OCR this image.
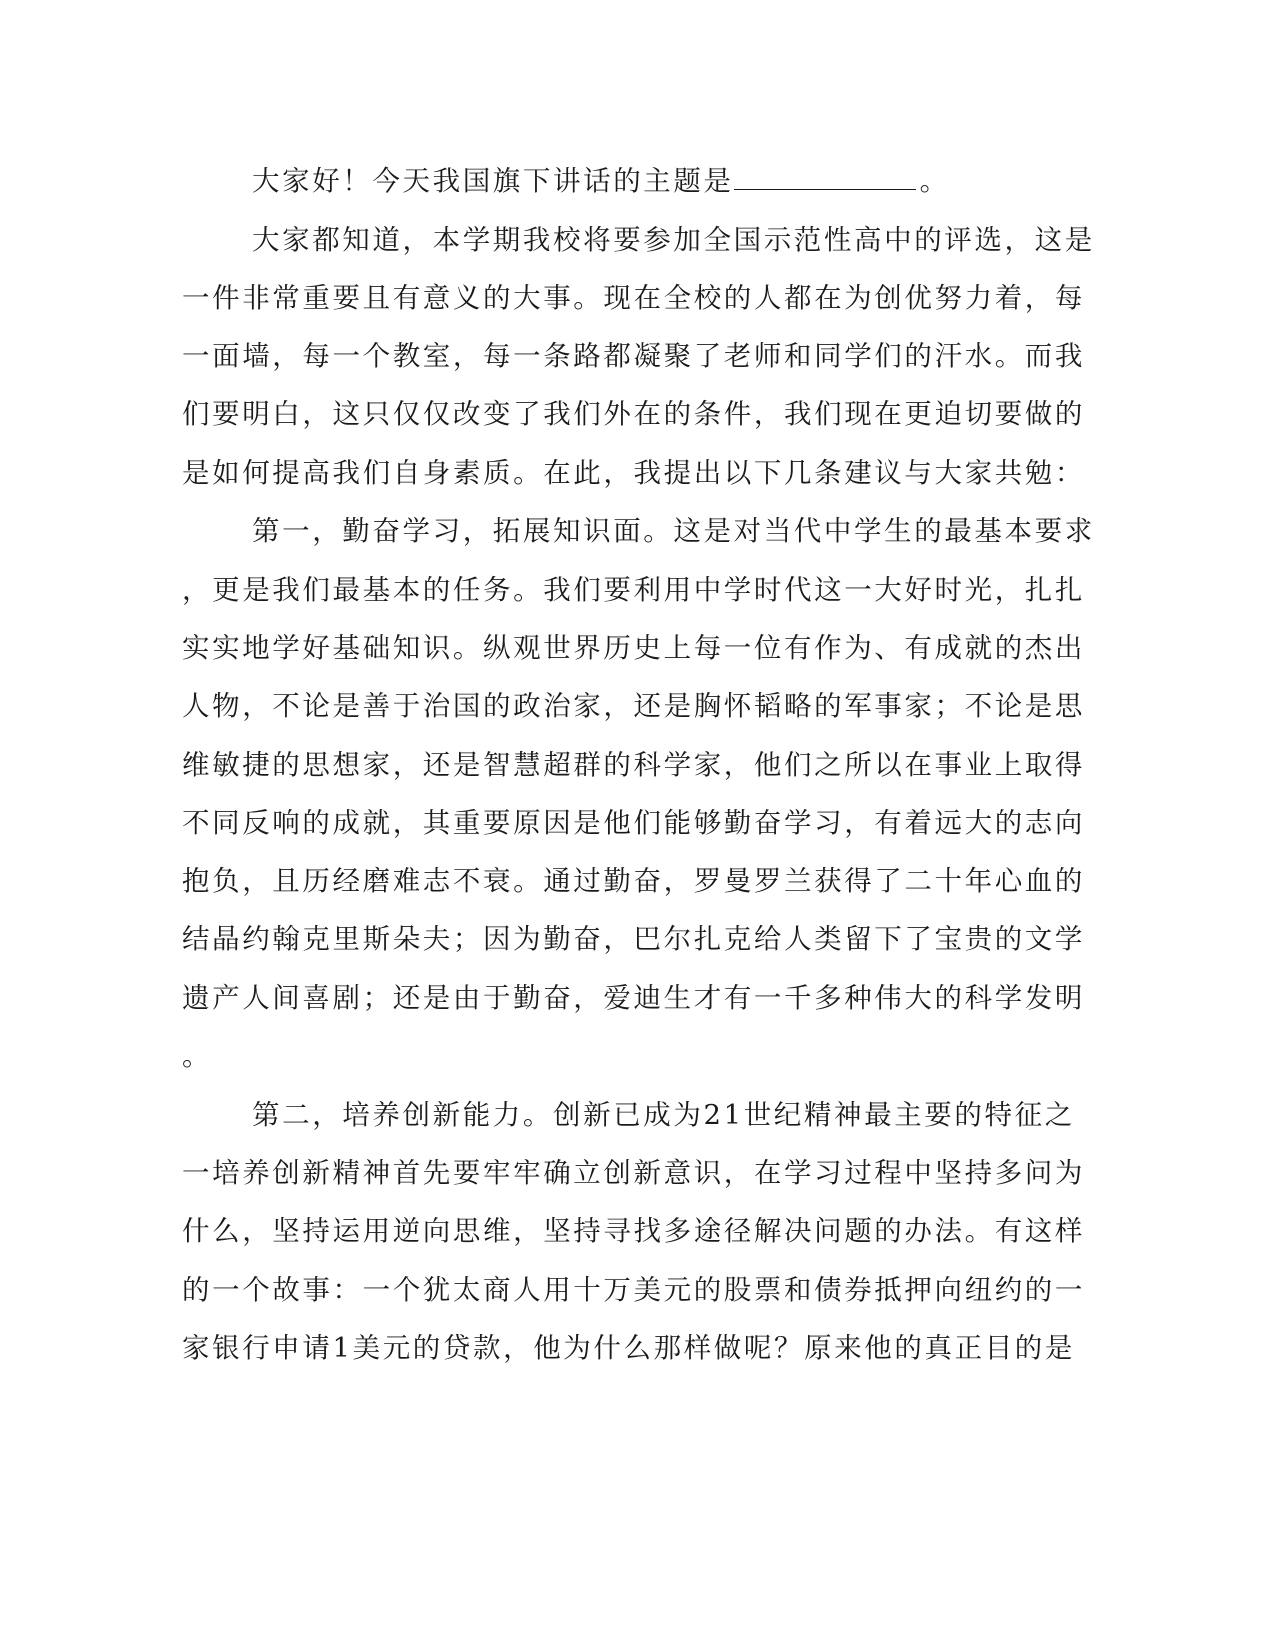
大家好！今天我国旗下讲话的主题是	。
大家都知道，本学期我校将要参加全国示范性高中的评选，这是
一件非常重要且有意义的大事。现在全校的人都在为创优努力着，每
一面墙，每一个教室，每一条路都凝聚了老师和同学们的汗水。而我
们要明白，这只仅仅改变了我们外在的条件，我们现在更迫切要做的
是如何提高我们自身素质。在此，我提出以下几条建议与大家共勉：
第一，勤奋学习，拓展知识面。这是对当代中学生的最基本要求
，更是我们最基本的任务。我们要利用中学时代这一大好时光，扎扎
实实地学好基础知识。纵观世界历史上每一位有作为、有成就的杰出
人物，不论是善于治国的政治家，还是胸怀韬略的军事家；不论是思
维敏捷的思想家，还是智慧超群的科学家，他们之所以在事业上取得
不同反响的成就，其重要原因是他们能够勤奋学习，有着远大的志向
抱负，且历经磨难志不衰。通过勤奋，罗曼罗兰获得了二十年心血的
结晶约翰克里斯朵夫；因为勤奋，巴尔扎克给人类留下了宝贵的文学
遗产人间喜剧；还是由于勤奋，爱迪生才有一千多种伟大的科学发明
。
第二，培养创新能力。创新已成为21世纪精神最主要的特征之
一培养创新精神首先要牢牢确立创新意识，在学习过程中坚持多问为
什么，坚持运用逆向思维，坚持寻找多途径解决问题的办法。有这样
的一个故事：一个犹太商人用十万美元的股票和债券抵押向纽约的一
家银行申请1美元的贷款，他为什么那样做呢？原来他的真正目的是
